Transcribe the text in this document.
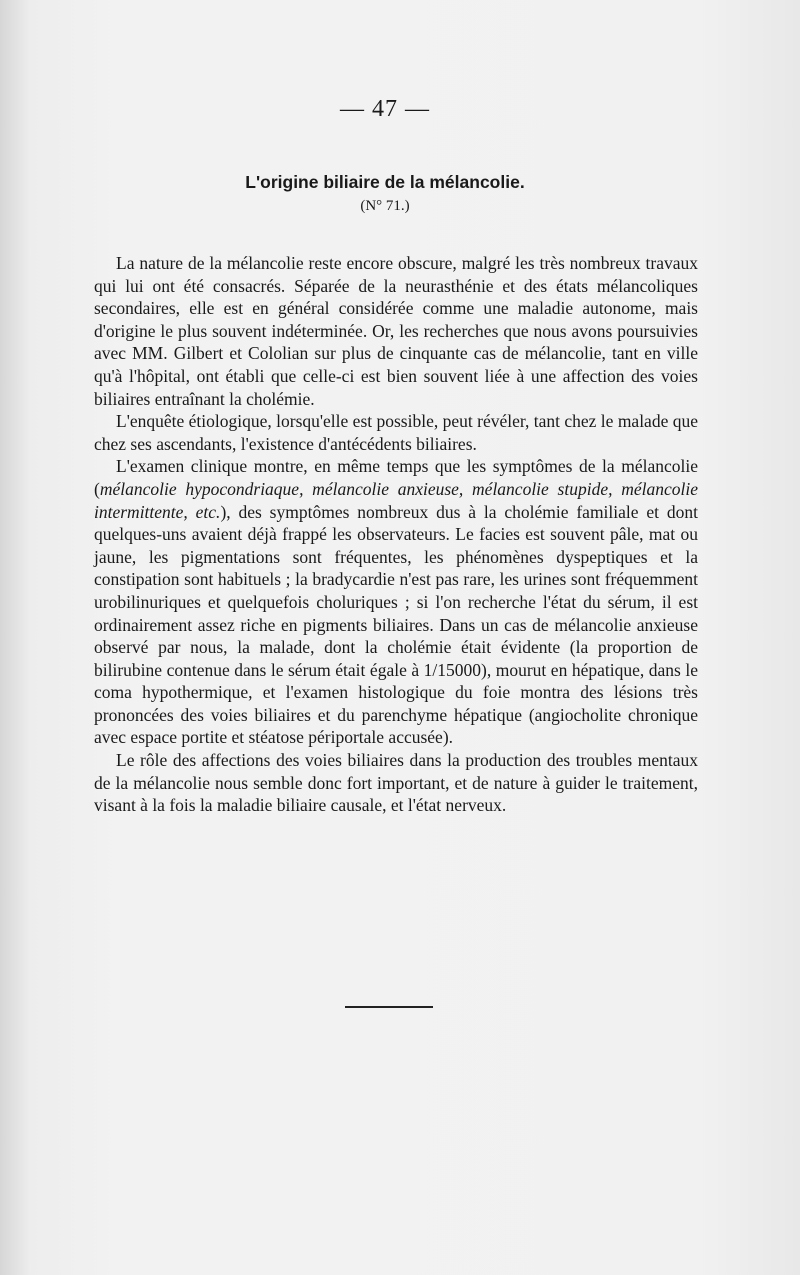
— 47 —
L'origine biliaire de la mélancolie.
(N° 71.)

La nature de la mélancolie reste encore obscure, malgré les très nombreux travaux qui lui ont été consacrés. Séparée de la neurasthénie et des états mélancoliques secondaires, elle est en général considérée comme une maladie autonome, mais d'origine le plus souvent indéterminée. Or, les recherches que nous avons poursuivies avec MM. Gilbert et Cololian sur plus de cinquante cas de mélancolie, tant en ville qu'à l'hôpital, ont établi que celle-ci est bien souvent liée à une affection des voies biliaires entraînant la cholémie.

L'enquête étiologique, lorsqu'elle est possible, peut révéler, tant chez le malade que chez ses ascendants, l'existence d'antécédents biliaires.

L'examen clinique montre, en même temps que les symptômes de la mélancolie (mélancolie hypocondriaque, mélancolie anxieuse, mélancolie stupide, mélancolie intermittente, etc.), des symptômes nombreux dus à la cholémie familiale et dont quelques-uns avaient déjà frappé les observateurs. Le facies est souvent pâle, mat ou jaune, les pigmentations sont fréquentes, les phénomènes dyspeptiques et la constipation sont habituels ; la bradycardie n'est pas rare, les urines sont fréquemment urobilinuriques et quelquefois choluriques ; si l'on recherche l'état du sérum, il est ordinairement assez riche en pigments biliaires. Dans un cas de mélancolie anxieuse observé par nous, la malade, dont la cholémie était évidente (la proportion de bilirubine contenue dans le sérum était égale à 1/15000), mourut en hépatique, dans le coma hypothermique, et l'examen histologique du foie montra des lésions très prononcées des voies biliaires et du parenchyme hépatique (angiocholite chronique avec espace portite et stéatose périportale accusée).

Le rôle des affections des voies biliaires dans la production des troubles mentaux de la mélancolie nous semble donc fort important, et de nature à guider le traitement, visant à la fois la maladie biliaire causale, et l'état nerveux.
